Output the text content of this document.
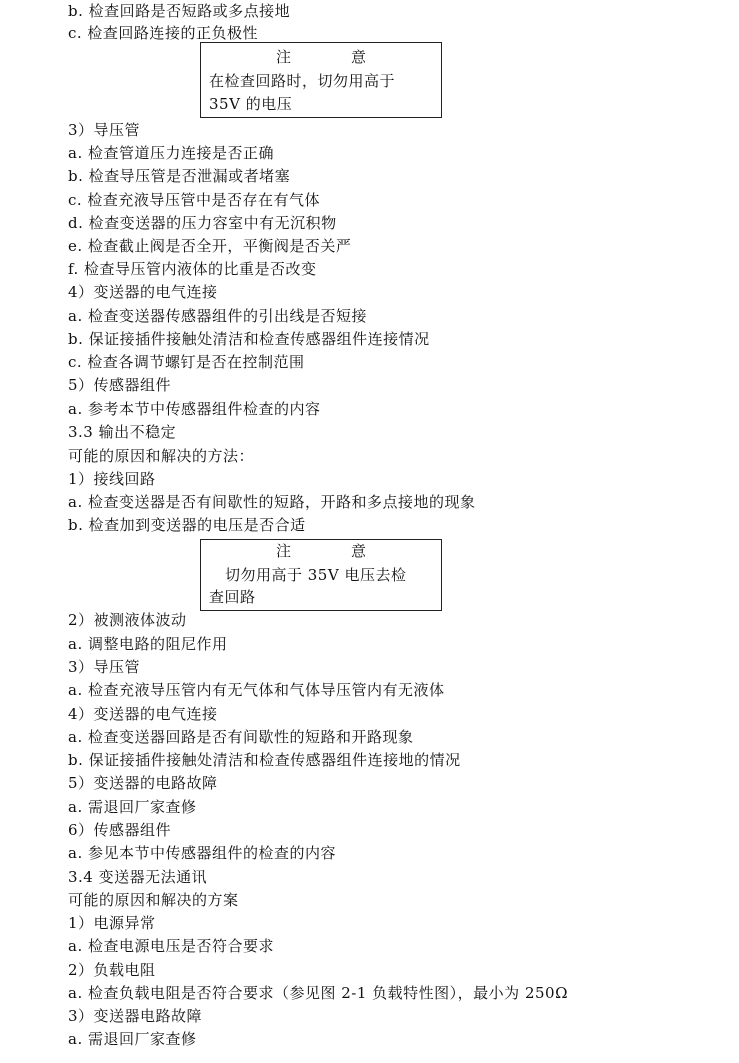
b. 检查回路是否短路或多点接地
c. 检查回路连接的正负极性
注意
在检查回路时，切勿用高于
35V 的电压
3）导压管
a. 检查管道压力连接是否正确
b. 检查导压管是否泄漏或者堵塞
c. 检查充液导压管中是否存在有气体
d. 检查变送器的压力容室中有无沉积物
e. 检查截止阀是否全开，平衡阀是否关严
f. 检查导压管内液体的比重是否改变
4）变送器的电气连接
a. 检查变送器传感器组件的引出线是否短接
b. 保证接插件接触处清洁和检查传感器组件连接情况
c. 检查各调节螺钉是否在控制范围
5）传感器组件
a. 参考本节中传感器组件检查的内容
3.3 输出不稳定
可能的原因和解决的方法：
1）接线回路
a. 检查变送器是否有间歇性的短路，开路和多点接地的现象
b. 检查加到变送器的电压是否合适
注意
切勿用高于 35V 电压去检
查回路
2）被测液体波动
a. 调整电路的阻尼作用
3）导压管
a. 检查充液导压管内有无气体和气体导压管内有无液体
4）变送器的电气连接
a. 检查变送器回路是否有间歇性的短路和开路现象
b. 保证接插件接触处清洁和检查传感器组件连接地的情况
5）变送器的电路故障
a. 需退回厂家查修
6）传感器组件
a. 参见本节中传感器组件的检查的内容
3.4 变送器无法通讯
可能的原因和解决的方案
1）电源异常
a. 检查电源电压是否符合要求
2）负载电阻
a. 检查负载电阻是否符合要求（参见图 2-1 负载特性图），最小为 250Ω
3）变送器电路故障
a. 需退回厂家查修
